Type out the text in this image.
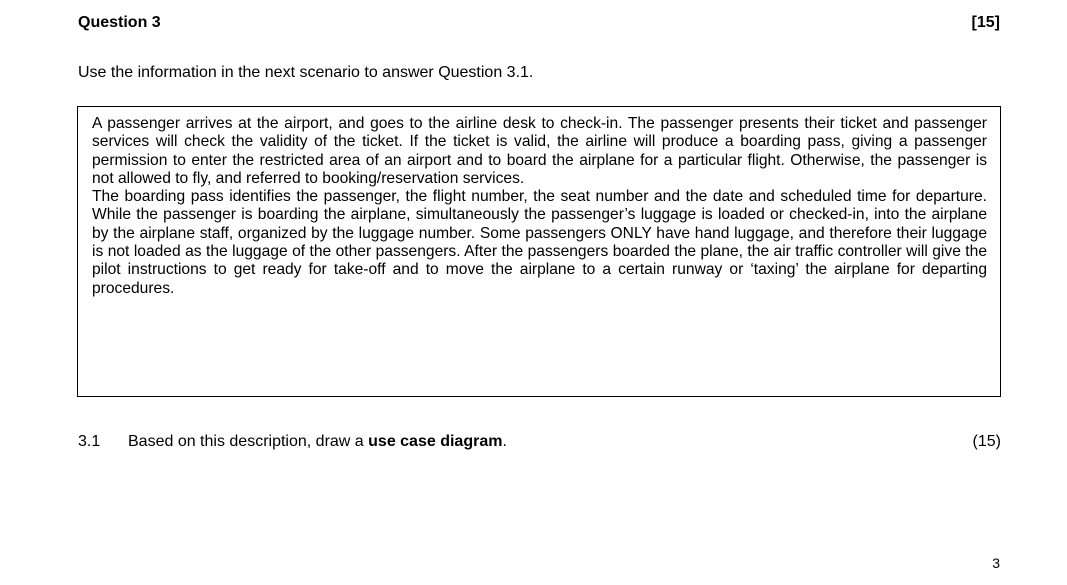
Question 3	[15]
Use the information in the next scenario to answer Question 3.1.

A passenger arrives at the airport, and goes to the airline desk to check-in. The passenger presents their ticket and passenger services will check the validity of the ticket. If the ticket is valid, the airline will produce a boarding pass, giving a passenger permission to enter the restricted area of an airport and to board the airplane for a particular flight. Otherwise, the passenger is not allowed to fly, and referred to booking/reservation services.

The boarding pass identifies the passenger, the flight number, the seat number and the date and scheduled time for departure. While the passenger is boarding the airplane, simultaneously the passenger’s luggage is loaded or checked-in, into the airplane by the airplane staff, organized by the luggage number. Some passengers ONLY have hand luggage, and therefore their luggage is not loaded as the luggage of the other passengers. After the passengers boarded the plane, the air traffic controller will give the pilot instructions to get ready for take-off and to move the airplane to a certain runway or ‘taxing’ the airplane for departing procedures.

3.1 Based on this description, draw a use case diagram.	(15)
3
